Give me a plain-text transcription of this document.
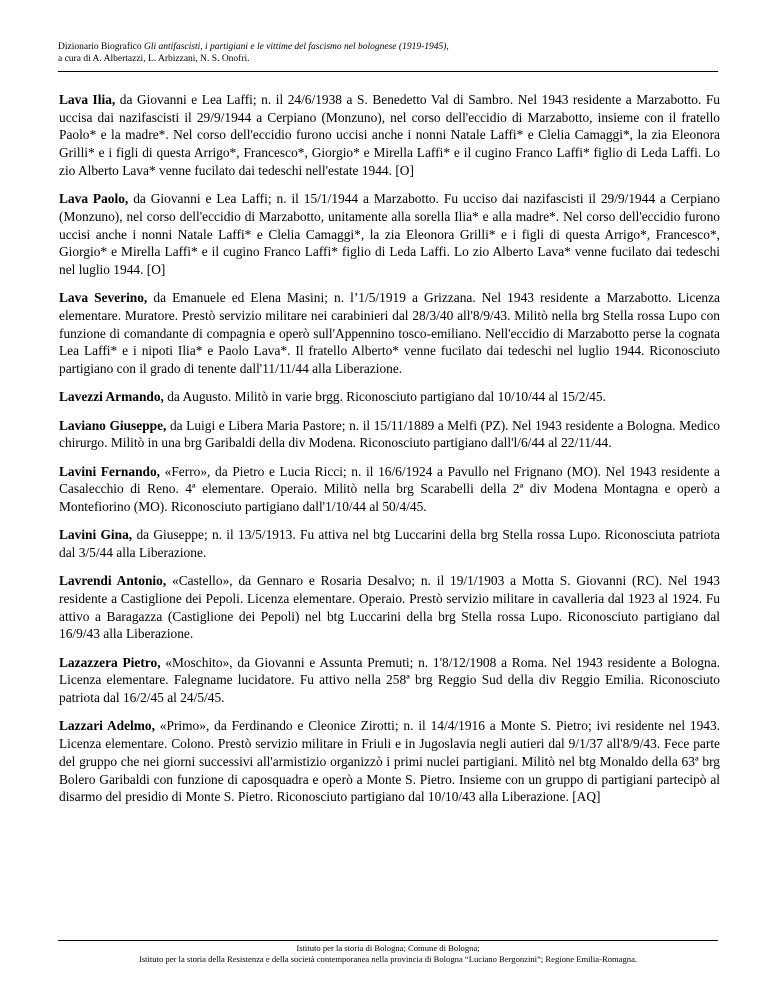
Dizionario Biografico Gli antifascisti, i partigiani e le vittime del fascismo nel bolognese (1919-1945),
a cura di A. Albertazzi, L. Arbizzani, N. S. Onofri.

Lava Ilia, da Giovanni e Lea Laffi; n. il 24/6/1938 a S. Benedetto Val di Sambro. Nel 1943 residente a Marzabotto. Fu uccisa dai nazifascisti il 29/9/1944 a Cerpiano (Monzuno), nel corso dell'eccidio di Marzabotto, insieme con il fratello Paolo* e la madre*. Nel corso dell'eccidio furono uccisi anche i nonni Natale Laffi* e Clelia Camaggi*, la zia Eleonora Grilli* e i figli di questa Arrigo*, Francesco*, Giorgio* e Mirella Laffi* e il cugino Franco Laffi* figlio di Leda Laffi. Lo zio Alberto Lava* venne fucilato dai tedeschi nell'estate 1944. [O]

Lava Paolo, da Giovanni e Lea Laffi; n. il 15/1/1944 a Marzabotto. Fu ucciso dai nazifascisti il 29/9/1944 a Cerpiano (Monzuno), nel corso dell'eccidio di Marzabotto, unitamente alla sorella Ilia* e alla madre*. Nel corso dell'eccidio furono uccisi anche i nonni Natale Laffi* e Clelia Camaggi*, la zia Eleonora Grilli* e i figli di questa Arrigo*, Francesco*, Giorgio* e Mirella Laffi* e il cugino Franco Laffi* figlio di Leda Laffi. Lo zio Alberto Lava* venne fucilato dai tedeschi nel luglio 1944. [O]

Lava Severino, da Emanuele ed Elena Masini; n. l’1/5/1919 a Grizzana. Nel 1943 residente a Marzabotto. Licenza elementare. Muratore. Prestò servizio militare nei carabinieri dal 28/3/40 all'8/9/43. Militò nella brg Stella rossa Lupo con funzione di comandante di compagnia e operò sull'Appennino tosco-emiliano. Nell'eccidio di Marzabotto perse la cognata Lea Laffi* e i nipoti Ilia* e Paolo Lava*. Il fratello Alberto* venne fucilato dai tedeschi nel luglio 1944. Riconosciuto partigiano con il grado di tenente dall'11/11/44 alla Liberazione.

Lavezzi Armando, da Augusto. Militò in varie brgg. Riconosciuto partigiano dal 10/10/44 al 15/2/45.

Laviano Giuseppe, da Luigi e Libera Maria Pastore; n. il 15/11/1889 a Melfi (PZ). Nel 1943 residente a Bologna. Medico chirurgo. Militò in una brg Garibaldi della div Modena. Riconosciuto partigiano dall'l/6/44 al 22/11/44.

Lavini Fernando, «Ferro», da Pietro e Lucia Ricci; n. il 16/6/1924 a Pavullo nel Frignano (MO). Nel 1943 residente a Casalecchio di Reno. 4ª elementare. Operaio. Militò nella brg Scarabelli della 2ª div Modena Montagna e operò a Montefiorino (MO). Riconosciuto partigiano dall'1/10/44 al 50/4/45.

Lavini Gina, da Giuseppe; n. il 13/5/1913. Fu attiva nel btg Luccarini della brg Stella rossa Lupo. Riconosciuta patriota dal 3/5/44 alla Liberazione.

Lavrendi Antonio, «Castello», da Gennaro e Rosaria Desalvo; n. il 19/1/1903 a Motta S. Giovanni (RC). Nel 1943 residente a Castiglione dei Pepoli. Licenza elementare. Operaio. Prestò servizio militare in cavalleria dal 1923 al 1924. Fu attivo a Baragazza (Castiglione dei Pepoli) nel btg Luccarini della brg Stella rossa Lupo. Riconosciuto partigiano dal 16/9/43 alla Liberazione.

Lazazzera Pietro, «Moschito», da Giovanni e Assunta Premuti; n. 1'8/12/1908 a Roma. Nel 1943 residente a Bologna. Licenza elementare. Falegname lucidatore. Fu attivo nella 258ª brg Reggio Sud della div Reggio Emilia. Riconosciuto patriota dal 16/2/45 al 24/5/45.

Lazzari Adelmo, «Primo», da Ferdinando e Cleonice Zirotti; n. il 14/4/1916 a Monte S. Pietro; ivi residente nel 1943. Licenza elementare. Colono. Prestò servizio militare in Friuli e in Jugoslavia negli autieri dal 9/1/37 all'8/9/43. Fece parte del gruppo che nei giorni successivi all'armistizio organizzò i primi nuclei partigiani. Militò nel btg Monaldo della 63ª brg Bolero Garibaldi con funzione di caposquadra e operò a Monte S. Pietro. Insieme con un gruppo di partigiani partecipò al disarmo del presidio di Monte S. Pietro. Riconosciuto partigiano dal 10/10/43 alla Liberazione. [AQ]

Istituto per la storia di Bologna; Comune di Bologna;
Istituto per la storia della Resistenza e della società contemporanea nella provincia di Bologna “Luciano Bergonzini”; Regione Emilia-Romagna.
